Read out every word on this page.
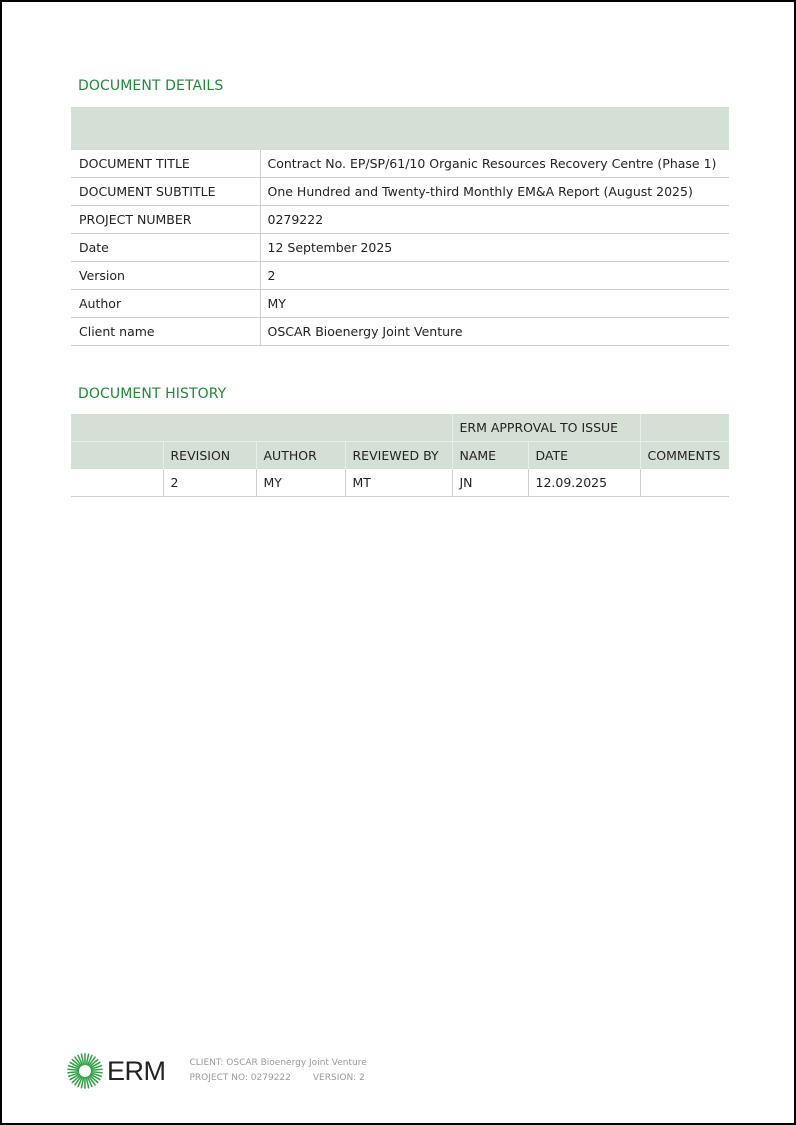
DOCUMENT DETAILS

DOCUMENT TITLE	Contract No. EP/SP/61/10 Organic Resources Recovery Centre (Phase 1)
DOCUMENT SUBTITLE	One Hundred and Twenty-third Monthly EM&A Report (August 2025)
PROJECT NUMBER	0279222
Date	12 September 2025
Version	2
Author	MY
Client name	OSCAR Bioenergy Joint Venture
DOCUMENT HISTORY
				ERM APPROVAL TO ISSUE		
	REVISION	AUTHOR	REVIEWED BY	NAME	DATE	COMMENTS
	2	MY	MT	JN	12.09.2025	
ERM	CLIENT: OSCAR Bioenergy Joint Venture
PROJECT NO: 0279222 VERSION: 2
